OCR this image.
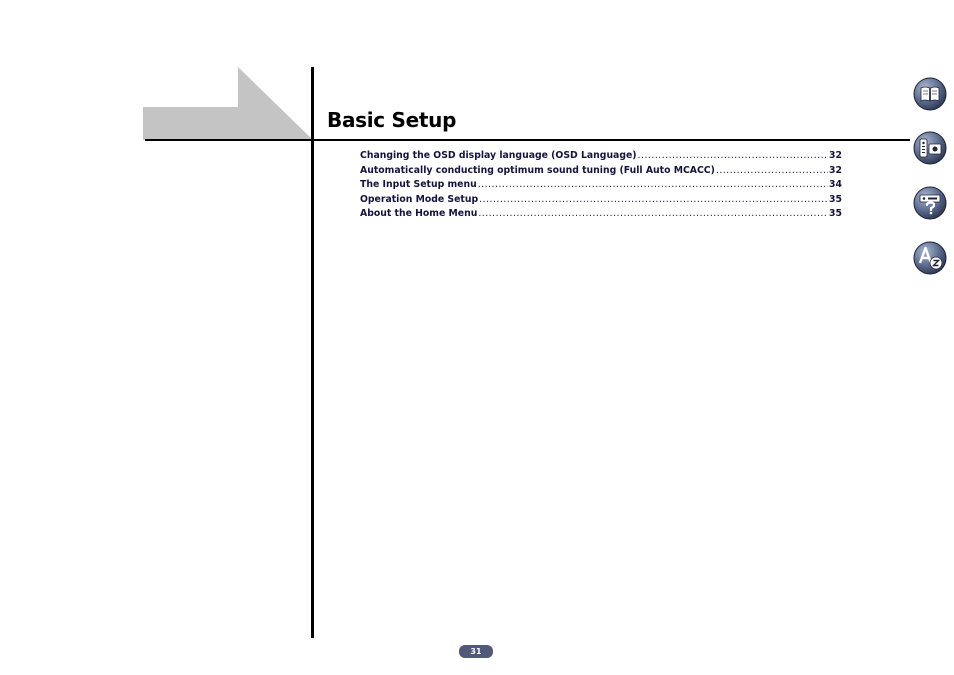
Basic Setup
Changing the OSD display language (OSD Language) .....	32
Automatically conducting optimum sound tuning (Full Auto MCACC) .....	32
The Input Setup menu .....	34
Operation Mode Setup .....	35
About the Home Menu .....	35
31
